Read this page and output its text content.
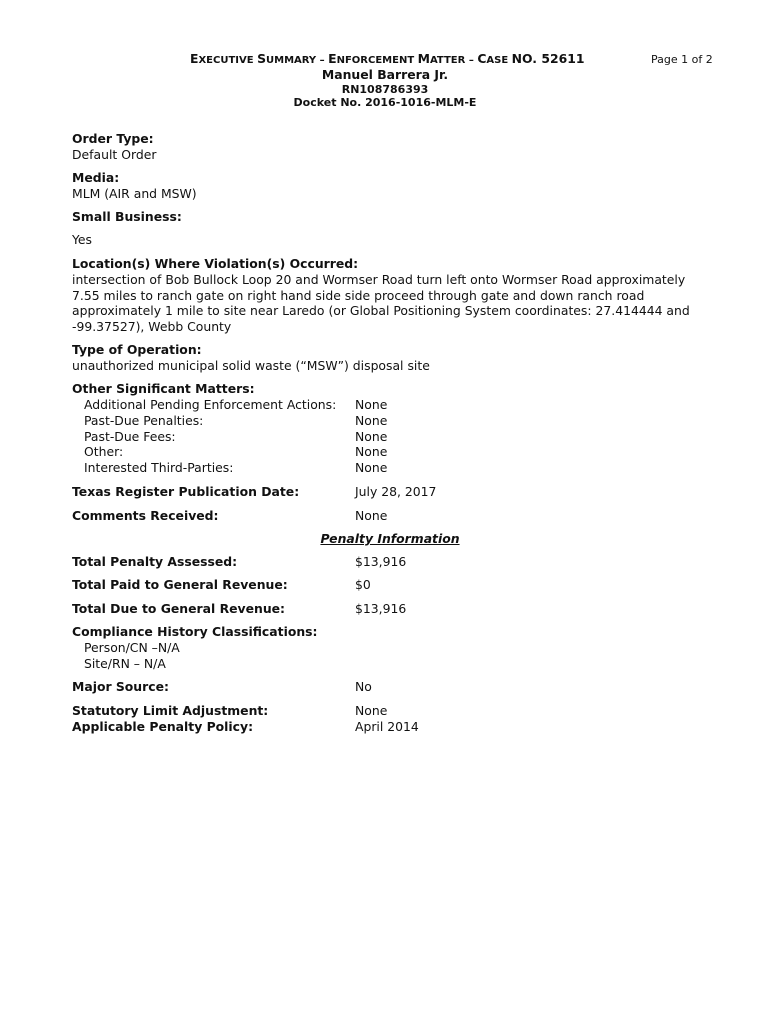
EXECUTIVE SUMMARY – ENFORCEMENT MATTER – CASE NO. 52611	Page 1 of 2
Manuel Barrera Jr.
RN108786393
Docket No. 2016-1016-MLM-E
Order Type:
Default Order
Media:
MLM (AIR and MSW)
Small Business:
Yes
Location(s) Where Violation(s) Occurred:
intersection of Bob Bullock Loop 20 and Wormser Road turn left onto Wormser Road approximately
7.55 miles to ranch gate on right hand side side proceed through gate and down ranch road
approximately 1 mile to site near Laredo (or Global Positioning System coordinates: 27.414444 and
-99.37527), Webb County
Type of Operation:
unauthorized municipal solid waste (“MSW”) disposal site
Other Significant Matters:
Additional Pending Enforcement Actions: None
Past-Due Penalties:	None
Past-Due Fees:	None
Other:	None
Interested Third-Parties:	None
Texas Register Publication Date:	July 28, 2017
Comments Received:	None
Penalty Information
Total Penalty Assessed:	$13,916
Total Paid to General Revenue:	$0
Total Due to General Revenue:	$13,916
Compliance History Classifications:
Person/CN –N/A
Site/RN – N/A
Major Source:	No
Statutory Limit Adjustment:	None
Applicable Penalty Policy:	April 2014
